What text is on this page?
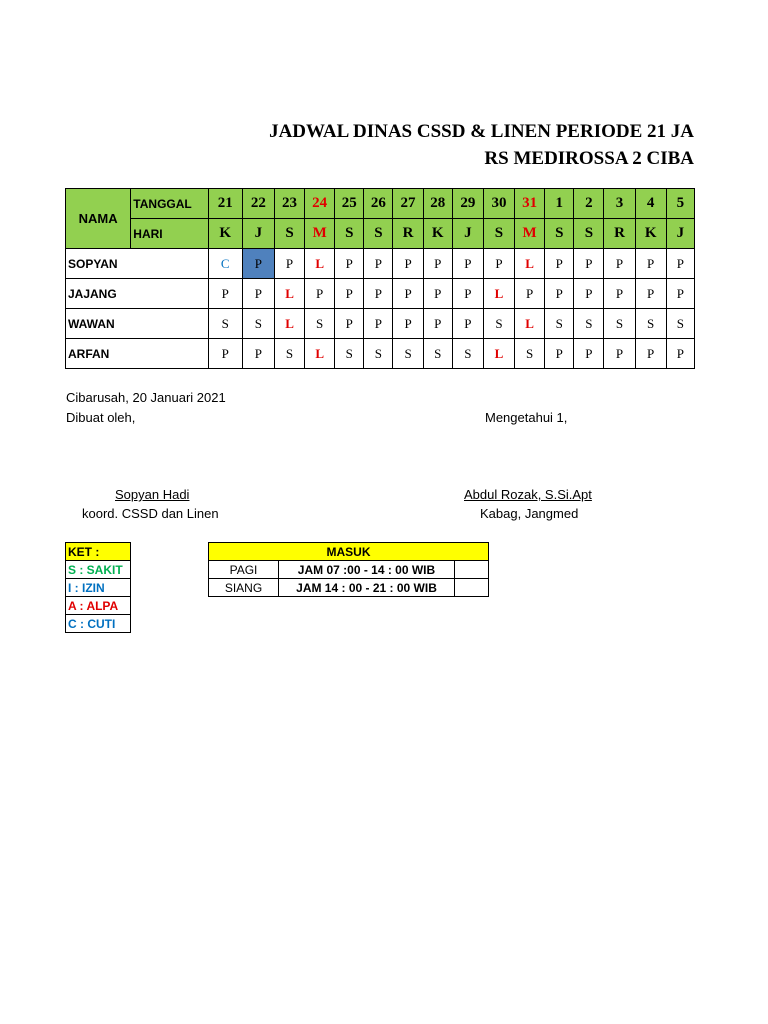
JADWAL DINAS CSSD & LINEN PERIODE 21 JA
RS MEDIROSSA 2 CIBA
NAMA	TANGGAL	21	22	23	24	25	26	27	28	29	30	31	1	2	3	4	5
	HARI	K	J	S	M	S	S	R	K	J	S	M	S	S	R	K	J
SOPYAN		C	P	P	L	P	P	P	P	P	P	L	P	P	P	P	P
JAJANG		P	P	L	P	P	P	P	P	P	L	P	P	P	P	P	P
WAWAN		S	S	L	S	P	P	P	P	P	S	L	S	S	S	S	S
ARFAN		P	P	S	L	S	S	S	S	S	L	S	P	P	P	P	P
Cibarusah, 20 Januari 2021
Dibuat oleh,	Mengetahui 1,
Sopyan Hadi
koord. CSSD dan Linen
Abdul Rozak, S.Si.Apt
Kabag, Jangmed
KET :
S : SAKIT
I : IZIN
A : ALPA
C : CUTI
MASUK		
PAGI	JAM 07 :00 - 14 : 00 WIB	
SIANG	JAM 14 : 00 - 21 : 00 WIB	
